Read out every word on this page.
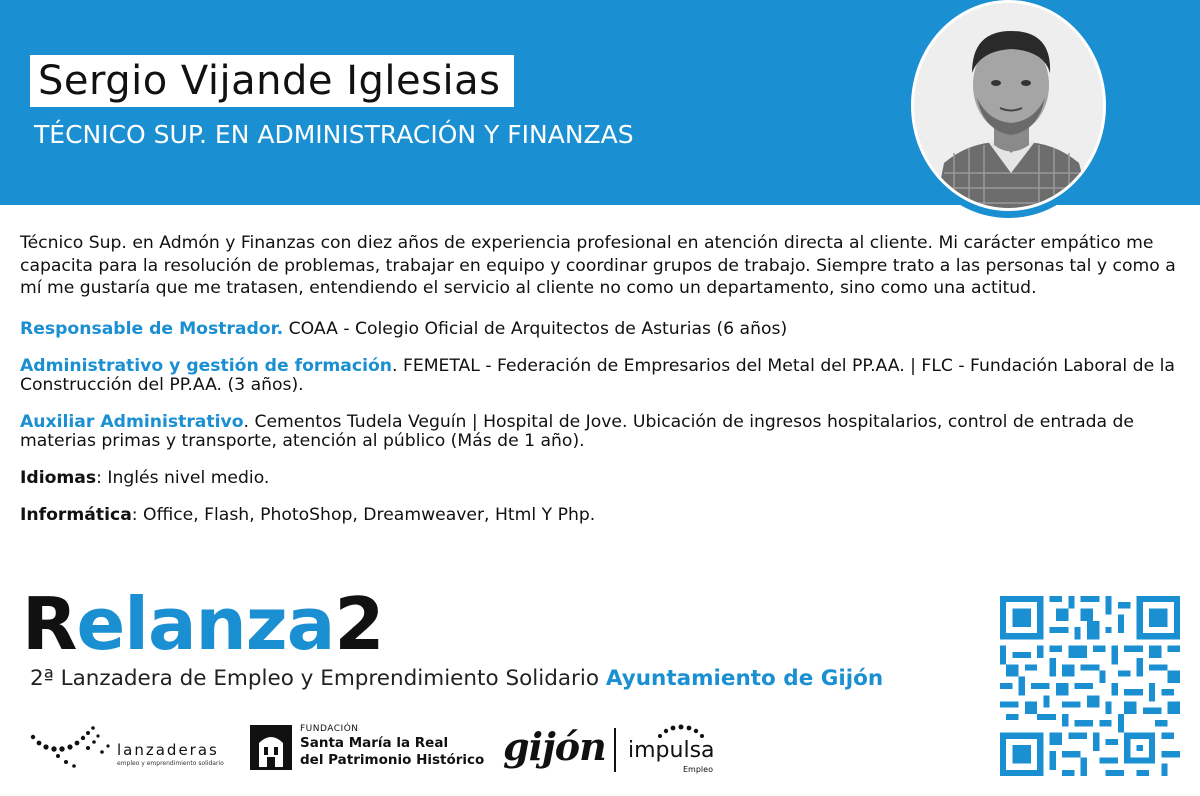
Sergio Vijande Iglesias
TÉCNICO SUP. EN ADMINISTRACIÓN Y FINANZAS

Técnico Sup. en Admón y Finanzas con diez años de experiencia profesional en atención directa al cliente. Mi carácter empático me capacita para la resolución de problemas, trabajar en equipo y coordinar grupos de trabajo. Siempre trato a las personas tal y como a mí me gustaría que me tratasen, entendiendo el servicio al cliente no como un departamento, sino como una actitud.

Responsable de Mostrador. COAA - Colegio Oficial de Arquitectos de Asturias (6 años)

Administrativo y gestión de formación. FEMETAL - Federación de Empresarios del Metal del PP.AA. | FLC - Fundación Laboral de la Construcción del PP.AA. (3 años).

Auxiliar Administrativo. Cementos Tudela Veguín | Hospital de Jove. Ubicación de ingresos hospitalarios, control de entrada de materias primas y transporte, atención al público (Más de 1 año).

Idiomas: Inglés nivel medio.

Informática: Office, Flash, PhotoShop, Dreamweaver, Html Y Php.

Relanza2
2ª Lanzadera de Empleo y Emprendimiento Solidario Ayuntamiento de Gijón
lanzaderas
empleo y emprendimiento solidario
FUNDACIÓN
Santa María la Real
del Patrimonio Histórico gijón impulsa
Empleo
